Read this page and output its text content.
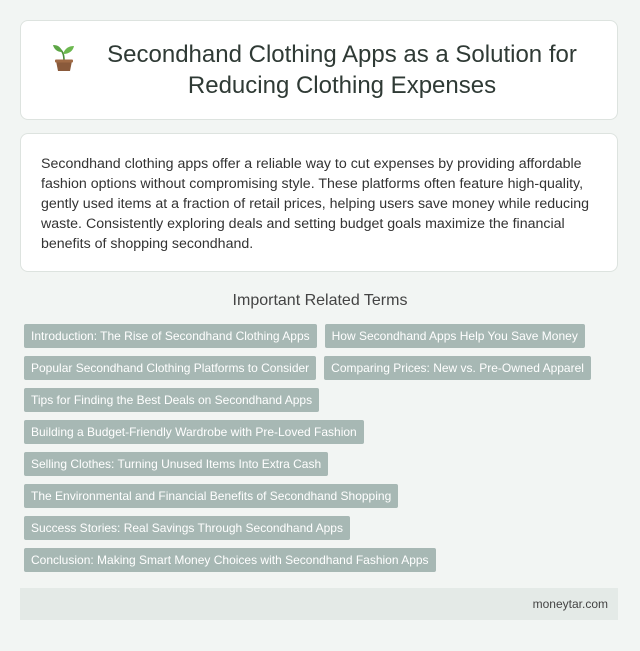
Secondhand Clothing Apps as a Solution for Reducing Clothing Expenses

Secondhand clothing apps offer a reliable way to cut expenses by providing affordable fashion options without compromising style. These platforms often feature high-quality, gently used items at a fraction of retail prices, helping users save money while reducing waste. Consistently exploring deals and setting budget goals maximize the financial benefits of shopping secondhand.

Important Related Terms
Introduction: The Rise of Secondhand Clothing Apps	How Secondhand Apps Help You Save Money
Popular Secondhand Clothing Platforms to Consider	Comparing Prices: New vs. Pre-Owned Apparel
Tips for Finding the Best Deals on Secondhand Apps
Building a Budget-Friendly Wardrobe with Pre-Loved Fashion
Selling Clothes: Turning Unused Items Into Extra Cash
The Environmental and Financial Benefits of Secondhand Shopping
Success Stories: Real Savings Through Secondhand Apps
Conclusion: Making Smart Money Choices with Secondhand Fashion Apps
moneytar.com
